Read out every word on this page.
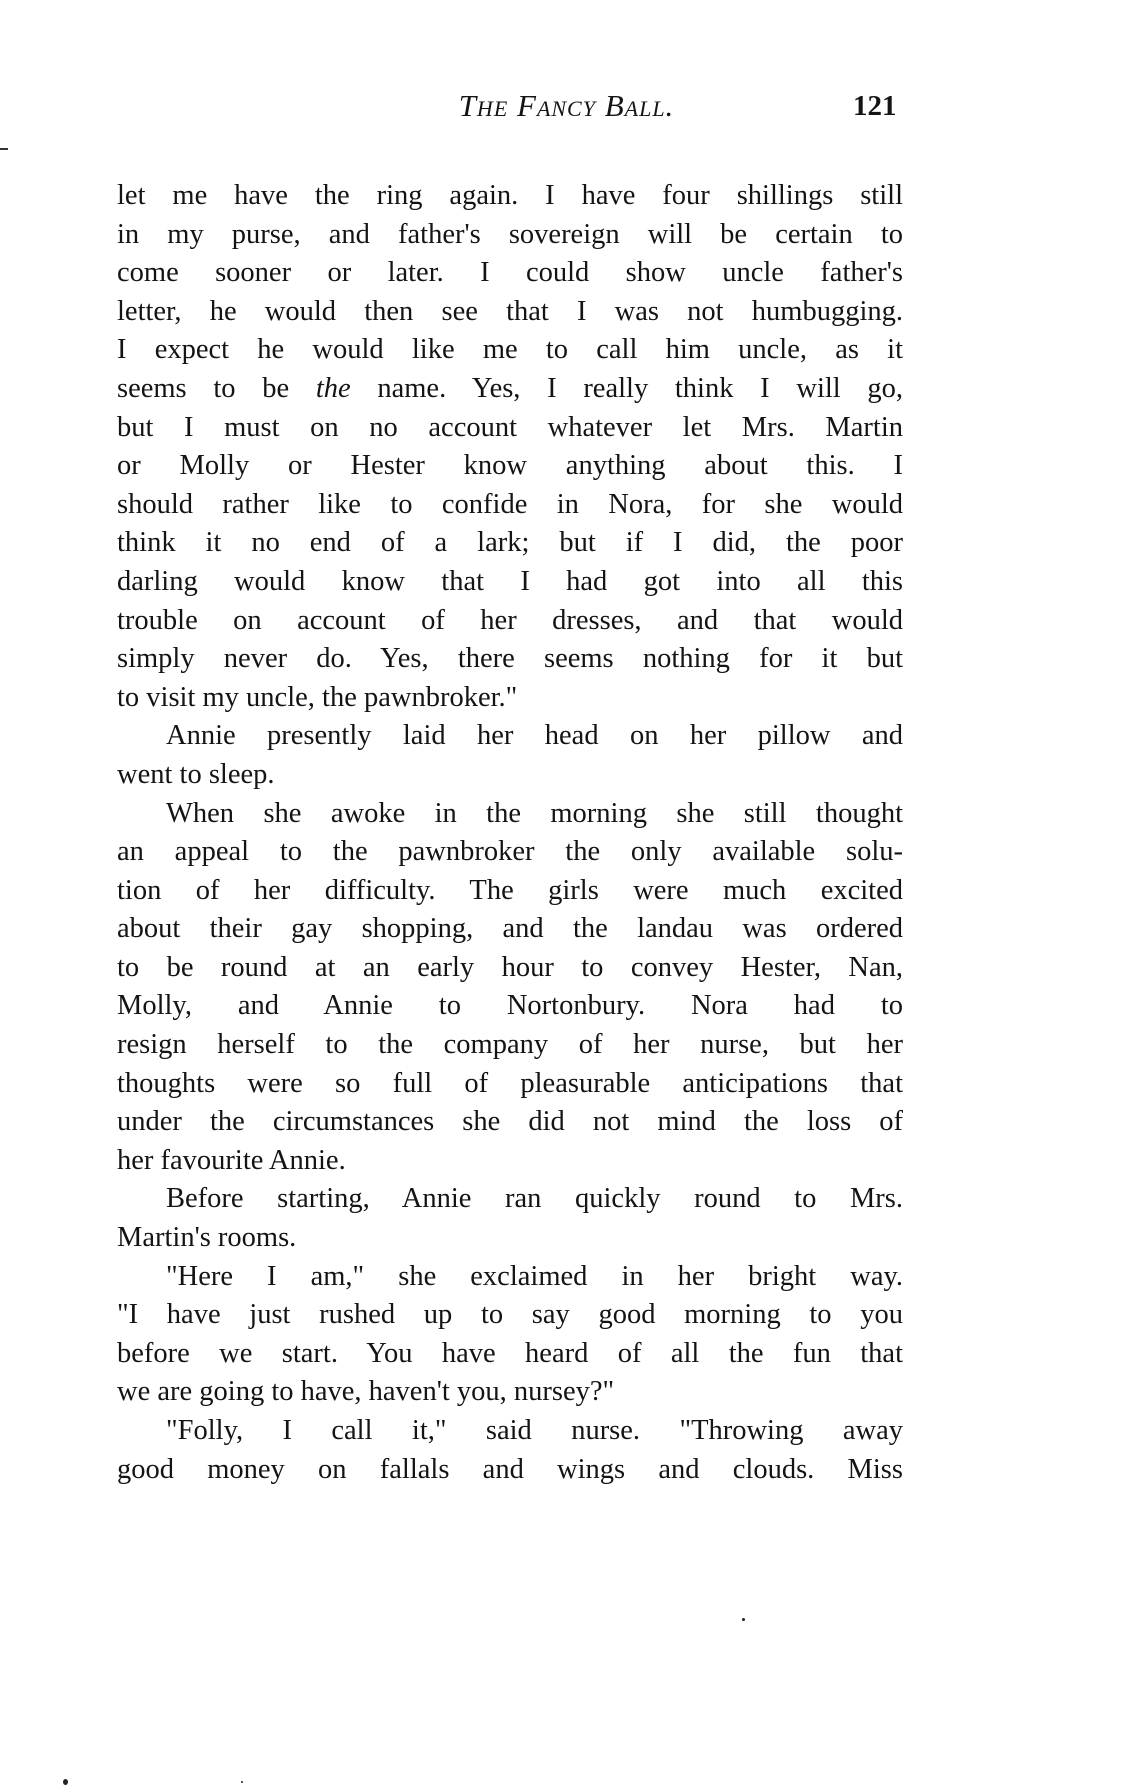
The Fancy Ball.	121
let me have the ring again. I have four shillings still
in my purse, and father's sovereign will be certain to
come sooner or later. I could show uncle father's
letter, he would then see that I was not humbugging.
I expect he would like me to call him uncle, as it
seems to be the name. Yes, I really think I will go,
but I must on no account whatever let Mrs. Martin
or Molly or Hester know anything about this. I
should rather like to confide in Nora, for she would
think it no end of a lark; but if I did, the poor
darling would know that I had got into all this
trouble on account of her dresses, and that would
simply never do. Yes, there seems nothing for it but
to visit my uncle, the pawnbroker."
Annie presently laid her head on her pillow and
went to sleep.
When she awoke in the morning she still thought
an appeal to the pawnbroker the only available solu-
tion of her difficulty. The girls were much excited
about their gay shopping, and the landau was ordered
to be round at an early hour to convey Hester, Nan,
Molly, and Annie to Nortonbury. Nora had to
resign herself to the company of her nurse, but her
thoughts were so full of pleasurable anticipations that
under the circumstances she did not mind the loss of
her favourite Annie.
Before starting, Annie ran quickly round to Mrs.
Martin's rooms.
"Here I am," she exclaimed in her bright way.
"I have just rushed up to say good morning to you
before we start. You have heard of all the fun that
we are going to have, haven't you, nursey?"
"Folly, I call it," said nurse. "Throwing away
good money on fallals and wings and clouds. Miss
